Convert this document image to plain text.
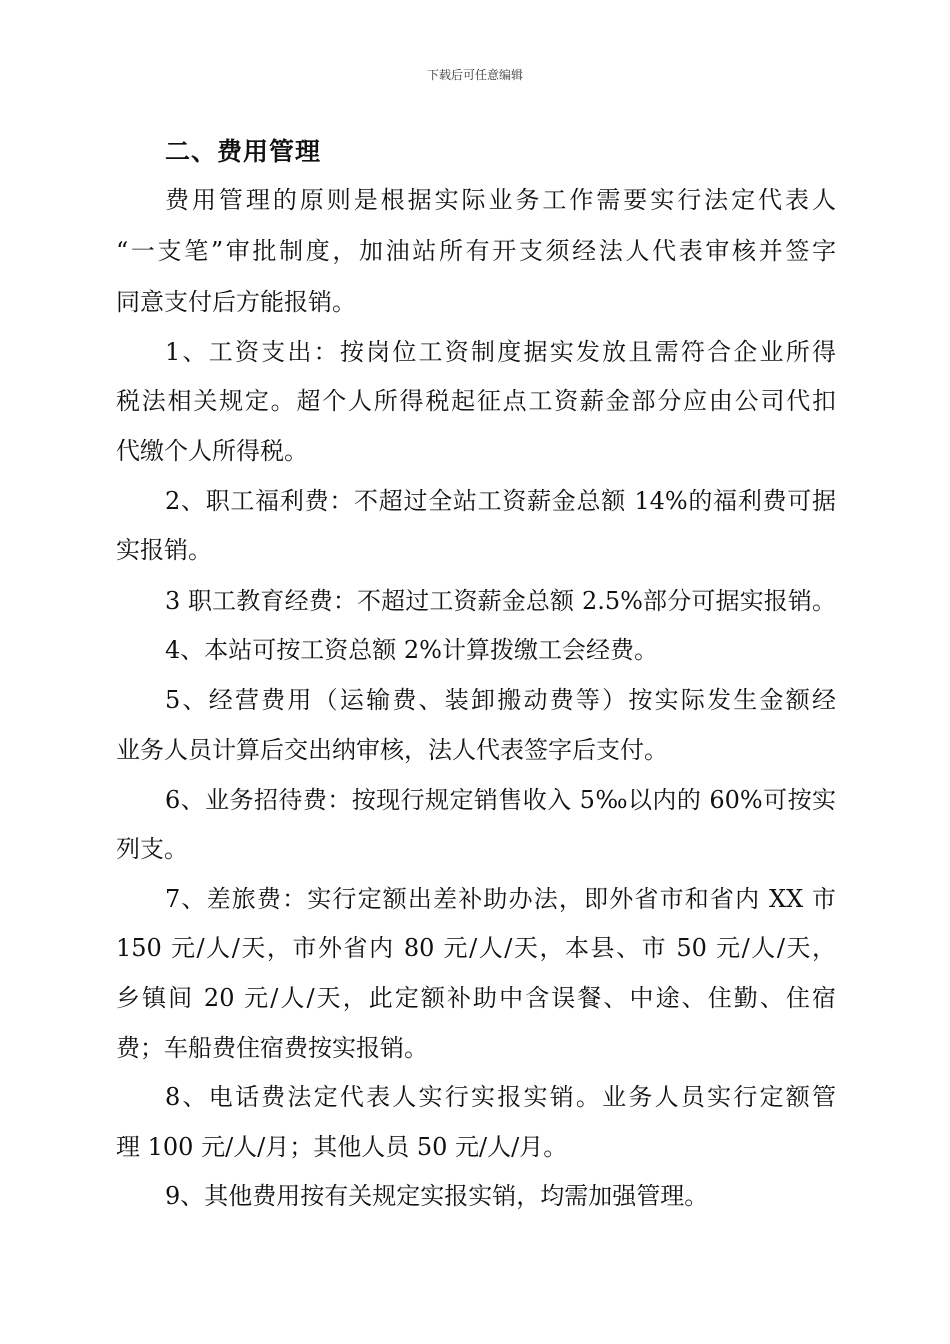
下载后可任意编辑
二、费用管理
费用管理的原则是根据实际业务工作需要实行法定代表人
“一支笔”审批制度，加油站所有开支须经法人代表审核并签字
同意支付后方能报销。
1、工资支出：按岗位工资制度据实发放且需符合企业所得
税法相关规定。超个人所得税起征点工资薪金部分应由公司代扣
代缴个人所得税。
2、职工福利费：不超过全站工资薪金总额 14%的福利费可据
实报销。
3 职工教育经费：不超过工资薪金总额 2.5%部分可据实报销。
4、本站可按工资总额 2%计算拨缴工会经费。
5、经营费用（运输费、装卸搬动费等）按实际发生金额经
业务人员计算后交出纳审核，法人代表签字后支付。
6、业务招待费：按现行规定销售收入 5‰以内的 60%可按实
列支。
7、差旅费：实行定额出差补助办法，即外省市和省内 XX 市
150 元/人/天，市外省内 80 元/人/天，本县、市 50 元/人/天，
乡镇间 20 元/人/天，此定额补助中含误餐、中途、住勤、住宿
费；车船费住宿费按实报销。
8、电话费法定代表人实行实报实销。业务人员实行定额管
理 100 元/人/月；其他人员 50 元/人/月。
9、其他费用按有关规定实报实销，均需加强管理。
